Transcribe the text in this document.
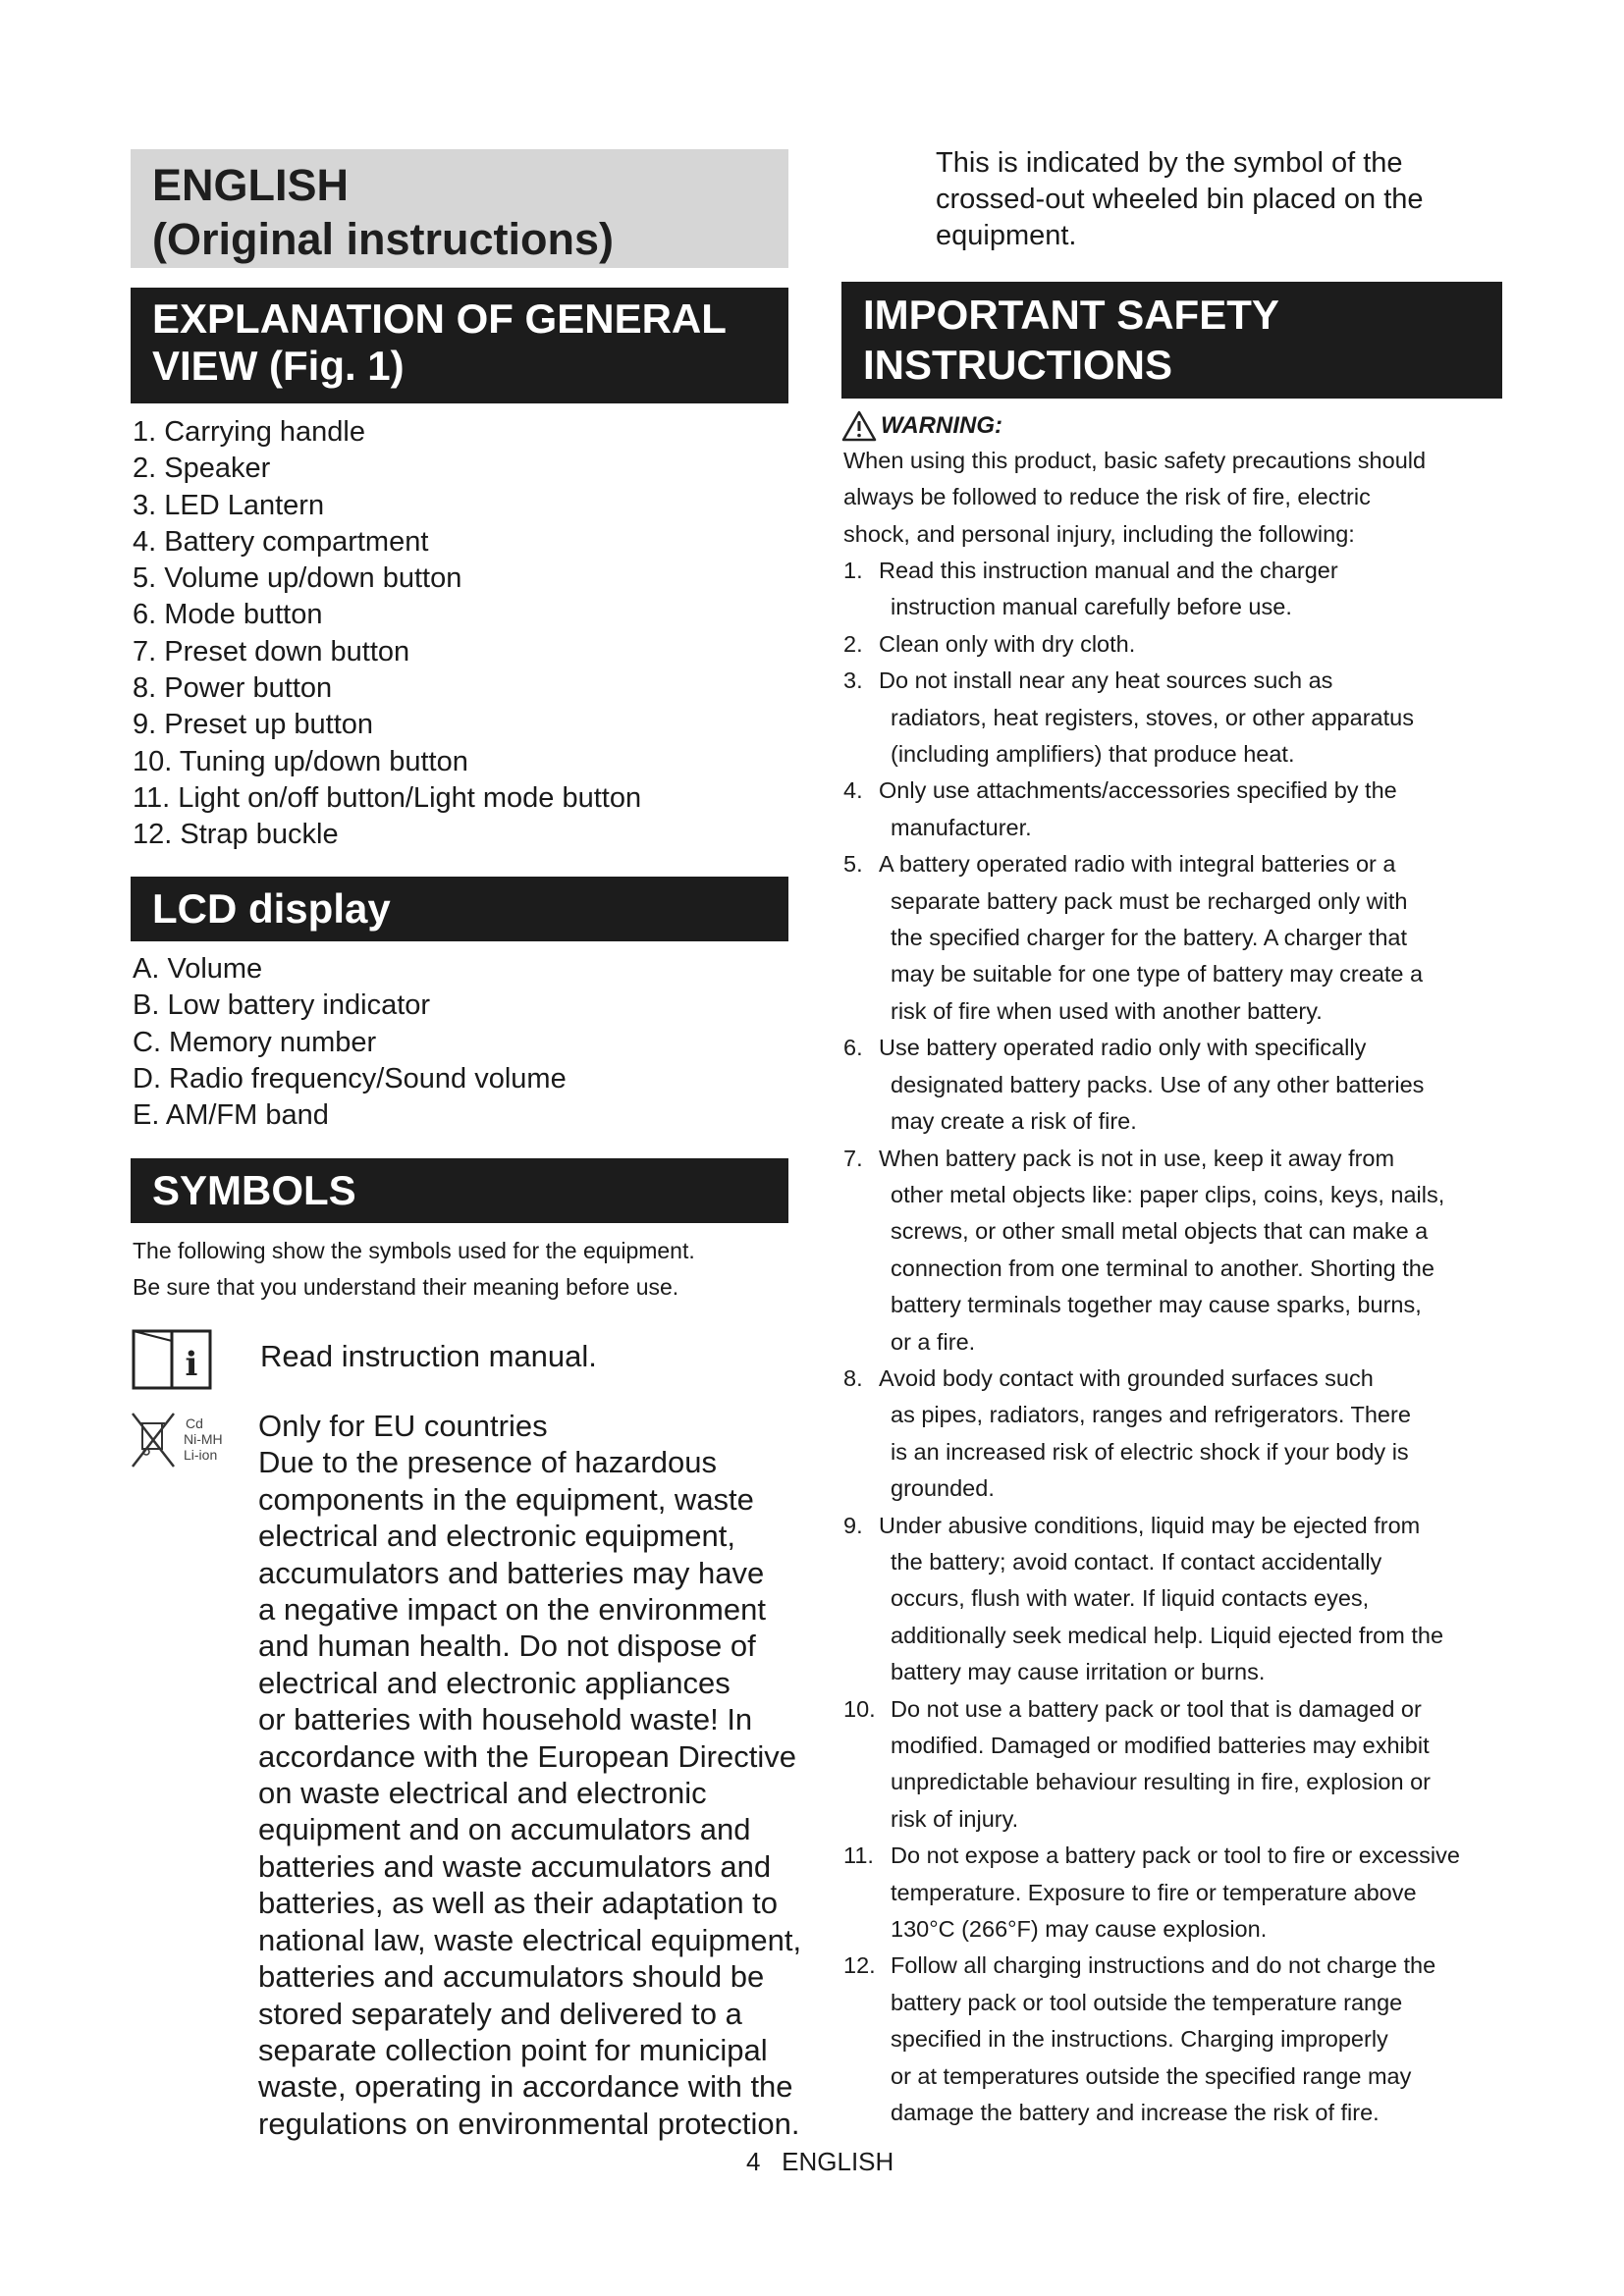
ENGLISH
(Original instructions)
EXPLANATION OF GENERAL
VIEW (Fig. 1)
1. Carrying handle
2. Speaker
3. LED Lantern
4. Battery compartment
5. Volume up/down button
6. Mode button
7. Preset down button
8. Power button
9. Preset up button
10. Tuning up/down button
11. Light on/off button/Light mode button
12. Strap buckle
LCD display
A. Volume
B. Low battery indicator
C. Memory number
D. Radio frequency/Sound volume
E. AM/FM band
SYMBOLS
The following show the symbols used for the equipment.
Be sure that you understand their meaning before use.
i Read instruction manual.
Cd
Ni-MH
Li-ion
Only for EU countries
Due to the presence of hazardous
components in the equipment, waste
electrical and electronic equipment,
accumulators and batteries may have
a negative impact on the environment
and human health. Do not dispose of
electrical and electronic appliances
or batteries with household waste! In
accordance with the European Directive
on waste electrical and electronic
equipment and on accumulators and
batteries and waste accumulators and
batteries, as well as their adaptation to
national law, waste electrical equipment,
batteries and accumulators should be
stored separately and delivered to a
separate collection point for municipal
waste, operating in accordance with the
regulations on environmental protection.
This is indicated by the symbol of the
crossed-out wheeled bin placed on the
equipment.
IMPORTANT SAFETY
INSTRUCTIONS
WARNING:
When using this product, basic safety precautions should
always be followed to reduce the risk of fire, electric
shock, and personal injury, including the following:
1. Read this instruction manual and the charger
instruction manual carefully before use.
2. Clean only with dry cloth.
3. Do not install near any heat sources such as
radiators, heat registers, stoves, or other apparatus
(including amplifiers) that produce heat.
4. Only use attachments/accessories specified by the
manufacturer.
5. A battery operated radio with integral batteries or a
separate battery pack must be recharged only with
the specified charger for the battery. A charger that
may be suitable for one type of battery may create a
risk of fire when used with another battery.
6. Use battery operated radio only with specifically
designated battery packs. Use of any other batteries
may create a risk of fire.
7. When battery pack is not in use, keep it away from
other metal objects like: paper clips, coins, keys, nails,
screws, or other small metal objects that can make a
connection from one terminal to another. Shorting the
battery terminals together may cause sparks, burns,
or a fire.
8. Avoid body contact with grounded surfaces such
as pipes, radiators, ranges and refrigerators. There
is an increased risk of electric shock if your body is
grounded.
9. Under abusive conditions, liquid may be ejected from
the battery; avoid contact. If contact accidentally
occurs, flush with water. If liquid contacts eyes,
additionally seek medical help. Liquid ejected from the
battery may cause irritation or burns.
10. Do not use a battery pack or tool that is damaged or
modified. Damaged or modified batteries may exhibit
unpredictable behaviour resulting in fire, explosion or
risk of injury.
11. Do not expose a battery pack or tool to fire or excessive
temperature. Exposure to fire or temperature above
130°C (266°F) may cause explosion.
12. Follow all charging instructions and do not charge the
battery pack or tool outside the temperature range
specified in the instructions. Charging improperly
or at temperatures outside the specified range may
damage the battery and increase the risk of fire.
4 ENGLISH
